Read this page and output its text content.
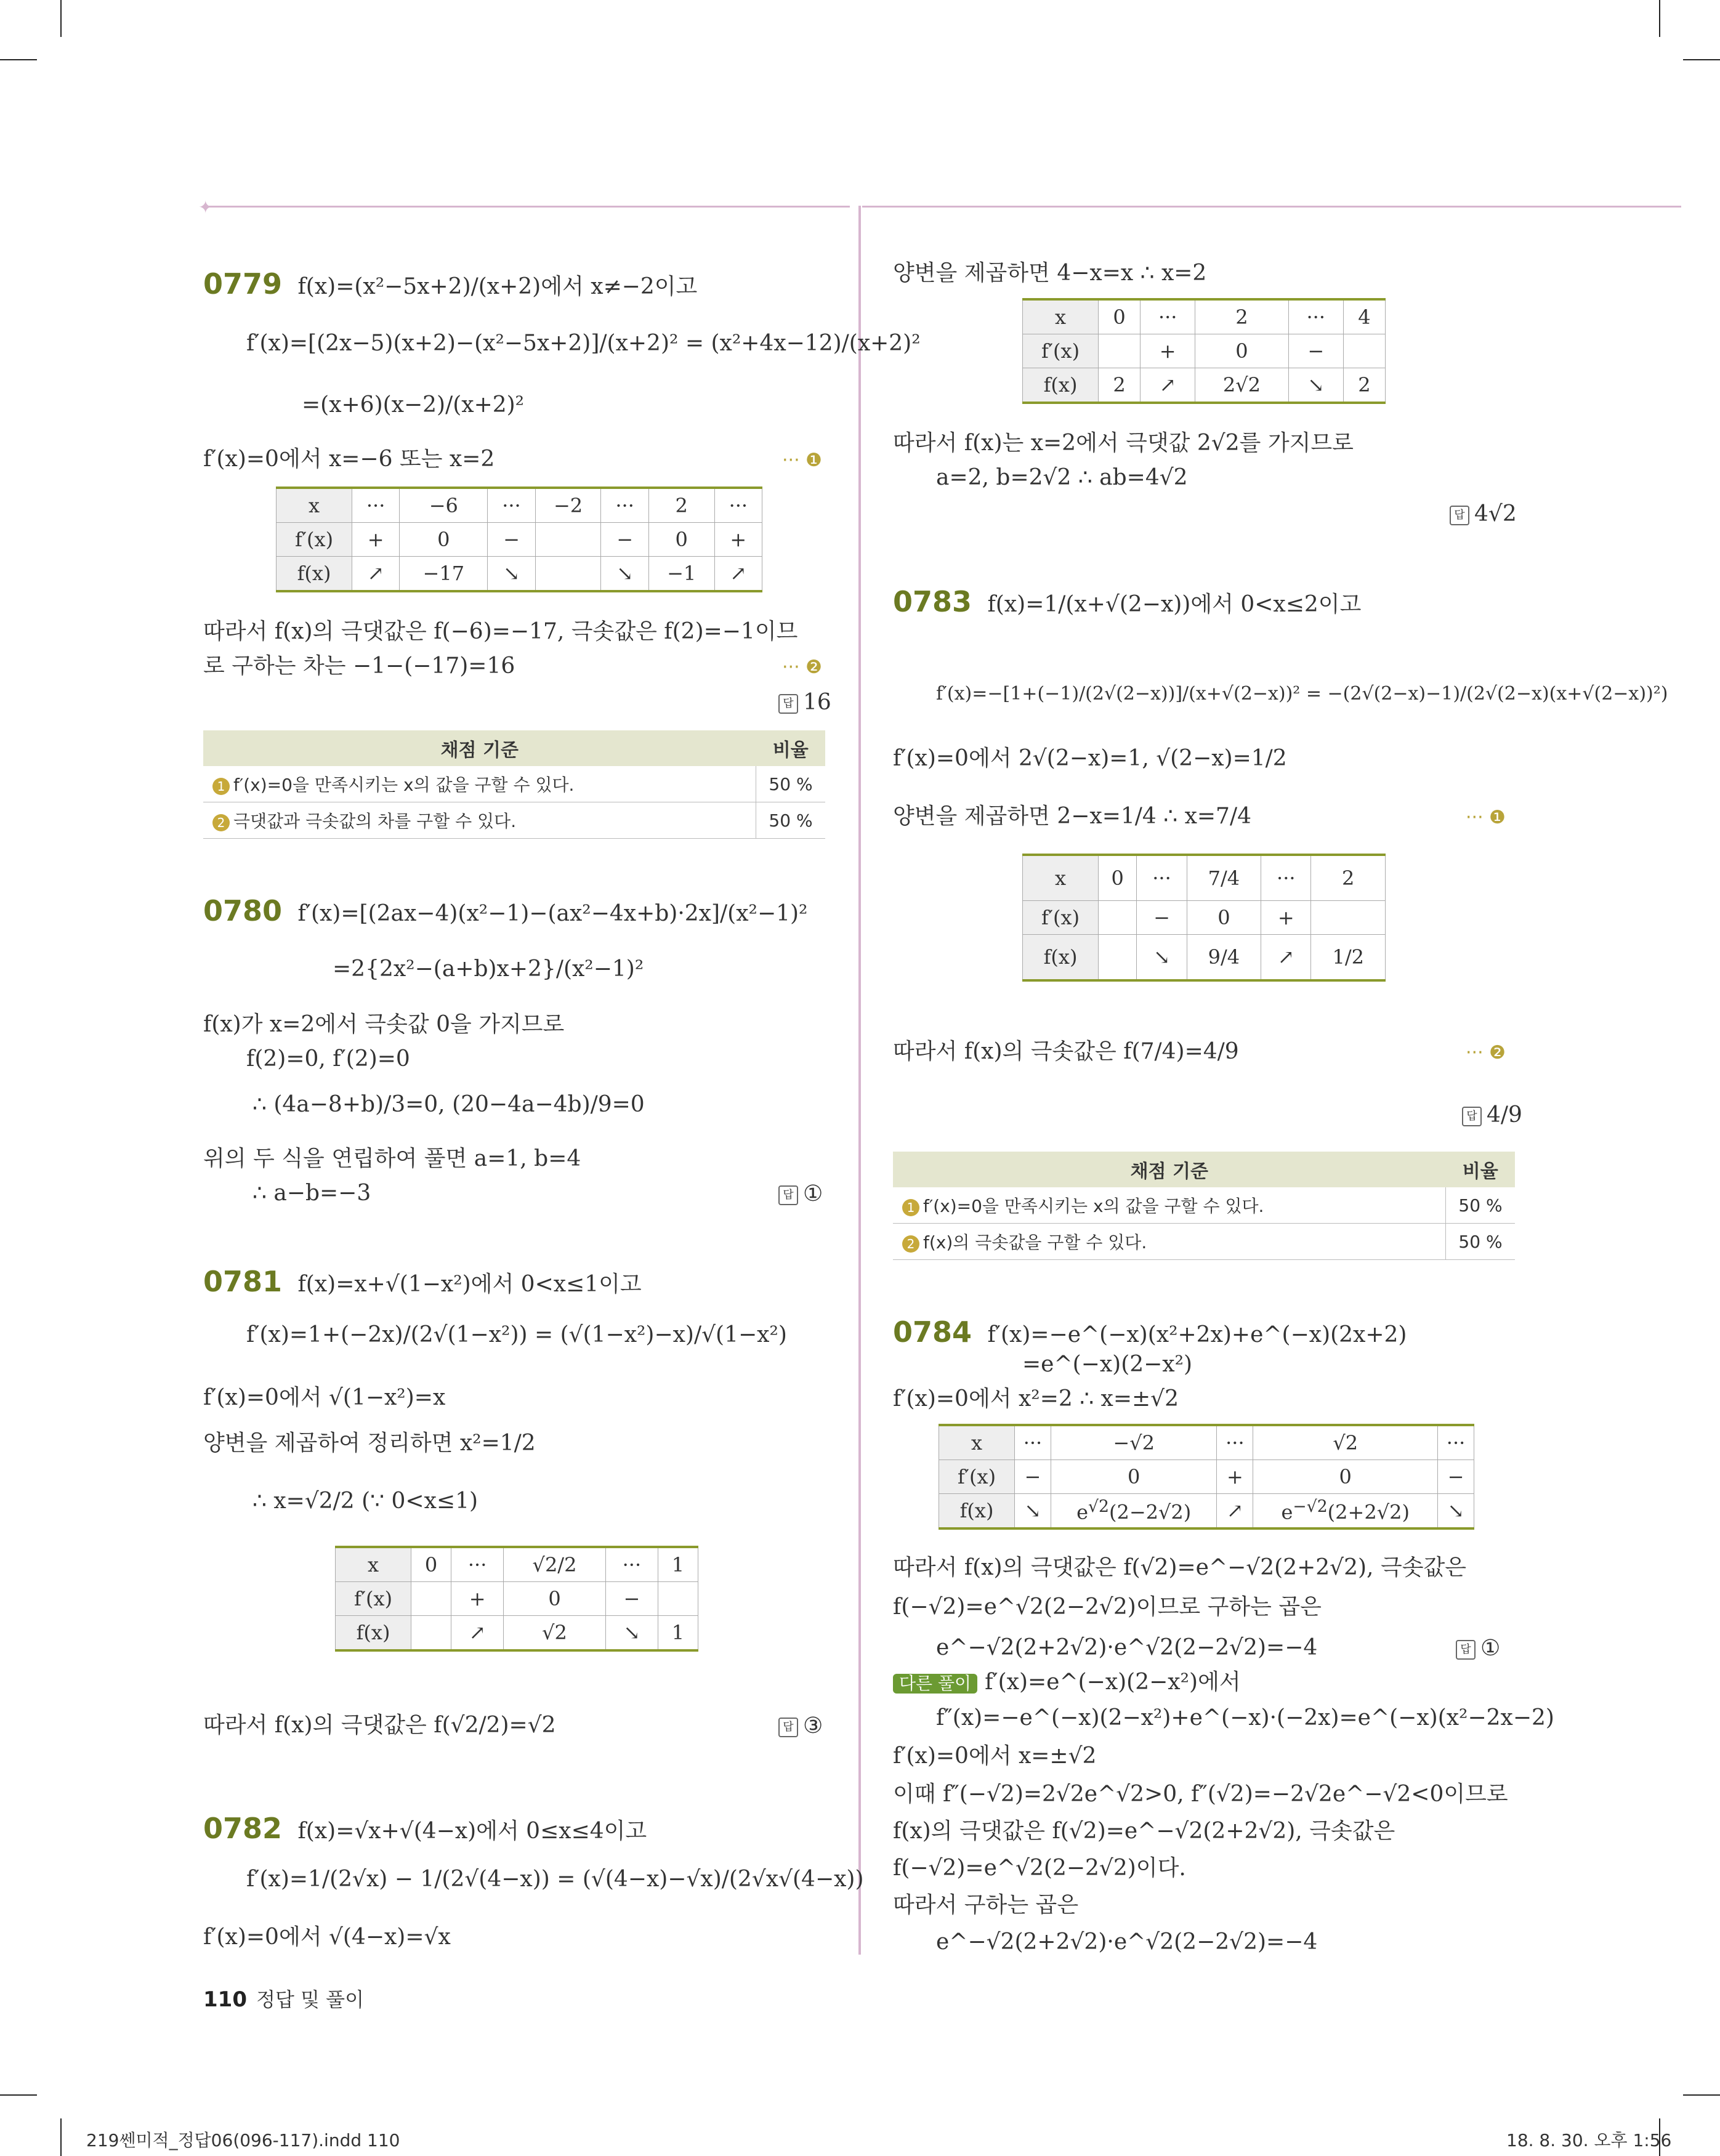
✦
0779 f(x)=(x²−5x+2)/(x+2)에서 x≠−2이고
f′(x)=[(2x−5)(x+2)−(x²−5x+2)]/(x+2)² = (x²+4x−12)/(x+2)²
=(x+6)(x−2)/(x+2)²
f′(x)=0에서 x=−6 또는 x=2	··· ❶
x	···	−6	···	−2	···	2	···
f′(x)	+	0	−		−	0	+
f(x)	↗	−17	↘		↘	−1	↗
따라서 f(x)의 극댓값은 f(−6)=−17, 극솟값은 f(2)=−1이므
로 구하는 차는 −1−(−17)=16	··· ❷
답 16
채점 기준	비율
1 f′(x)=0을 만족시키는 x의 값을 구할 수 있다.	50 %
2 극댓값과 극솟값의 차를 구할 수 있다.	50 %
0780 f′(x)=[(2ax−4)(x²−1)−(ax²−4x+b)·2x]/(x²−1)²
=2{2x²−(a+b)x+2}/(x²−1)²
f(x)가 x=2에서 극솟값 0을 가지므로
f(2)=0, f′(2)=0
∴ (4a−8+b)/3=0, (20−4a−4b)/9=0
위의 두 식을 연립하여 풀면 a=1, b=4
∴ a−b=−3	답 ①
0781 f(x)=x+√(1−x²)에서 0<x≤1이고
f′(x)=1+(−2x)/(2√(1−x²)) = (√(1−x²)−x)/√(1−x²)
f′(x)=0에서 √(1−x²)=x
양변을 제곱하여 정리하면 x²=1/2
∴ x=√2/2 (∵ 0<x≤1)
x	0	···	√2/2	···	1
f′(x)		+	0	−	
f(x)		↗	√2	↘	1
따라서 f(x)의 극댓값은 f(√2/2)=√2	답 ③
0782 f(x)=√x+√(4−x)에서 0≤x≤4이고
f′(x)=1/(2√x) − 1/(2√(4−x)) = (√(4−x)−√x)/(2√x√(4−x))
f′(x)=0에서 √(4−x)=√x
110 정답 및 풀이
양변을 제곱하면 4−x=x ∴ x=2
x	0	···	2	···	4
f′(x)		+	0	−	
f(x)	2	↗	2√2	↘	2
따라서 f(x)는 x=2에서 극댓값 2√2를 가지므로
a=2, b=2√2 ∴ ab=4√2
답 4√2
0783 f(x)=1/(x+√(2−x))에서 0<x≤2이고
f′(x)=−[1+(−1)/(2√(2−x))]/(x+√(2−x))² = −(2√(2−x)−1)/(2√(2−x)(x+√(2−x))²)
f′(x)=0에서 2√(2−x)=1, √(2−x)=1/2
양변을 제곱하면 2−x=1/4 ∴ x=7/4	··· ❶
x	0	···	7/4	···	2
f′(x)		−	0	+	
f(x)		↘	9/4	↗	1/2
따라서 f(x)의 극솟값은 f(7/4)=4/9	··· ❷
답 4/9
채점 기준	비율
1 f′(x)=0을 만족시키는 x의 값을 구할 수 있다.	50 %
2 f(x)의 극솟값을 구할 수 있다.	50 %
0784 f′(x)=−e^(−x)(x²+2x)+e^(−x)(2x+2)
=e^(−x)(2−x²)
f′(x)=0에서 x²=2 ∴ x=±√2
x	···	−√2	···	√2	···
f′(x)	−	0	+	0	−
f(x)	↘	$e^{√2}(2-2√2)$	↗	$e^{-√2}(2+2√2)$	↘
따라서 f(x)의 극댓값은 f(√2)=e^−√2(2+2√2), 극솟값은
f(−√2)=e^√2(2−2√2)이므로 구하는 곱은
e^−√2(2+2√2)·e^√2(2−2√2)=−4	답 ①
다른 풀이 f′(x)=e^(−x)(2−x²)에서
f″(x)=−e^(−x)(2−x²)+e^(−x)·(−2x)=e^(−x)(x²−2x−2)
f′(x)=0에서 x=±√2
이때 f″(−√2)=2√2e^√2>0, f″(√2)=−2√2e^−√2<0이므로
f(x)의 극댓값은 f(√2)=e^−√2(2+2√2), 극솟값은
f(−√2)=e^√2(2−2√2)이다.
따라서 구하는 곱은
e^−√2(2+2√2)·e^√2(2−2√2)=−4
219쎈미적_정답06(096-117).indd 110	18. 8. 30. 오후 1:56
